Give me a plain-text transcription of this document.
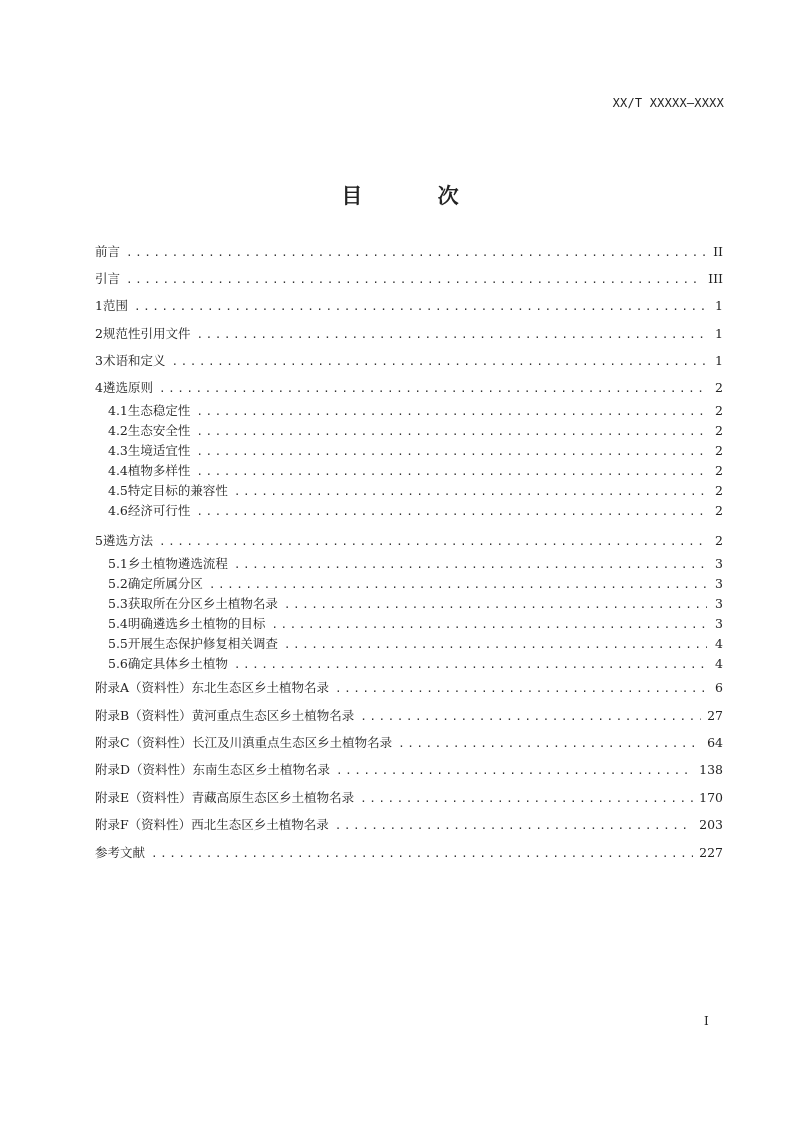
XX/T XXXXX—XXXX
目 次
前言 .....	II
引言 .....	III
1 范围 .....	1
2 规范性引用文件 .....	1
3 术语和定义 .....	1
4 遴选原则 .....	2
4.1 生态稳定性 .....	2
4.2 生态安全性 .....	2
4.3 生境适宜性 .....	2
4.4 植物多样性 .....	2
4.5 特定目标的兼容性 .....	2
4.6 经济可行性 .....	2
5 遴选方法 .....	2
5.1 乡土植物遴选流程 .....	3
5.2 确定所属分区 .....	3
5.3 获取所在分区乡土植物名录 .....	3
5.4 明确遴选乡土植物的目标 .....	3
5.5 开展生态保护修复相关调查 .....	4
5.6 确定具体乡土植物 .....	4
附录A（资料性） 东北生态区乡土植物名录 .....	6
附录B（资料性） 黄河重点生态区乡土植物名录 .....	27
附录C（资料性） 长江及川滇重点生态区乡土植物名录 .....	64
附录D（资料性） 东南生态区乡土植物名录 .....	138
附录E（资料性） 青藏高原生态区乡土植物名录 .....	170
附录F（资料性） 西北生态区乡土植物名录 .....	203
参考文献 .....	227
I
